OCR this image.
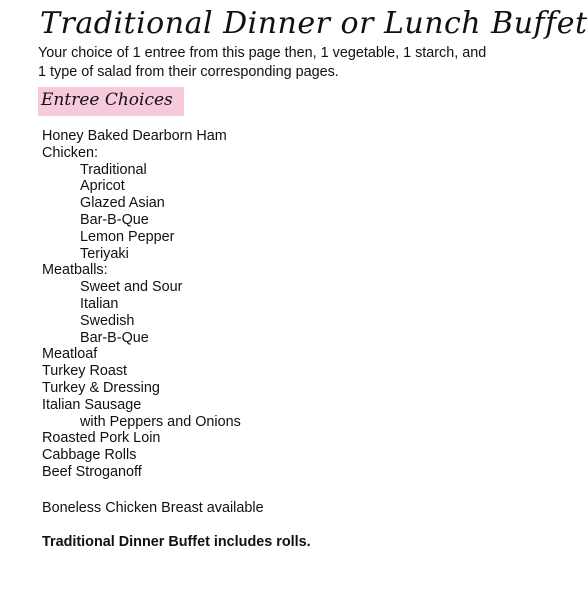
Traditional Dinner or Lunch Buffet
Your choice of 1 entree from this page then, 1 vegetable, 1 starch, and 1 type of salad from their corresponding pages.
Entree Choices
Honey Baked Dearborn Ham
Chicken:
Traditional
Apricot
Glazed Asian
Bar-B-Que
Lemon Pepper
Teriyaki
Meatballs:
Sweet and Sour
Italian
Swedish
Bar-B-Que
Meatloaf
Turkey Roast
Turkey & Dressing
Italian Sausage
with Peppers and Onions
Roasted Pork Loin
Cabbage Rolls
Beef Stroganoff
Boneless Chicken Breast available
Traditional Dinner Buffet includes rolls.
